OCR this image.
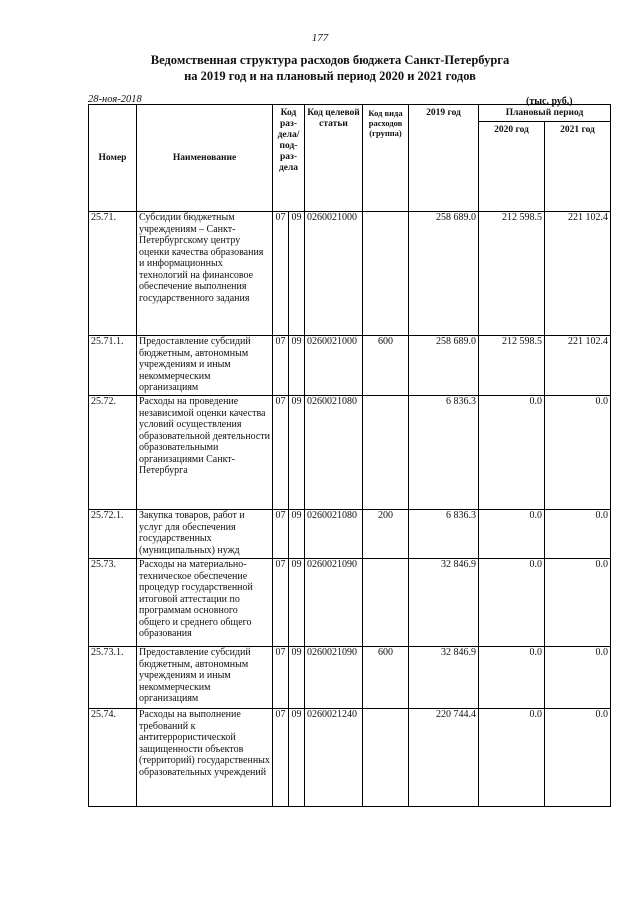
177
Ведомственная структура расходов бюджета Санкт-Петербурга
на 2019 год и на плановый период 2020 и 2021 годов
28-ноя-2018	(тыс. руб.)
Номер	Наименование	Код раз- дела/ под- раз- дела		Код целевой статьи	Код вида расходов (группа)	2019 год	Плановый период	
							2020 год	2021 год
25.71.	Субсидии бюджетным учреждениям – Санкт-Петербургскому центру оценки качества образования и информационных технологий на финансовое обеспечение выполнения государственного задания	07	09	0260021000		258 689.0	212 598.5	221 102.4
25.71.1.	Предоставление субсидий бюджетным, автономным учреждениям и иным некоммерческим организациям	07	09	0260021000	600	258 689.0	212 598.5	221 102.4
25.72.	Расходы на проведение независимой оценки качества условий осуществления образовательной деятельности образовательными организациями Санкт-Петербурга	07	09	0260021080		6 836.3	0.0	0.0
25.72.1.	Закупка товаров, работ и услуг для обеспечения государственных (муниципальных) нужд	07	09	0260021080	200	6 836.3	0.0	0.0
25.73.	Расходы на материально-техническое обеспечение процедур государственной итоговой аттестации по программам основного общего и среднего общего образования	07	09	0260021090		32 846.9	0.0	0.0
25.73.1.	Предоставление субсидий бюджетным, автономным учреждениям и иным некоммерческим организациям	07	09	0260021090	600	32 846.9	0.0	0.0
25.74.	Расходы на выполнение требований к антитеррористической защищенности объектов (территорий) государственных образовательных учреждений	07	09	0260021240		220 744.4	0.0	0.0
